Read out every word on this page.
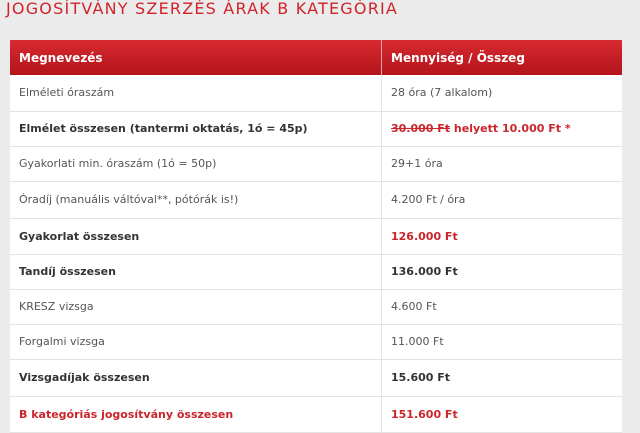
JOGOSÍTVÁNY SZERZÉS ÁRAK B KATEGÓRIA
Megnevezés	Mennyiség / Összeg
Elméleti óraszám	28 óra (7 alkalom)
Elmélet összesen (tantermi oktatás, 1ó = 45p)	30.000 Ft helyett 10.000 Ft *
Gyakorlati min. óraszám (1ó = 50p)	29+1 óra
Óradíj (manuális váltóval**, pótórák is!)	4.200 Ft / óra
Gyakorlat összesen	126.000 Ft
Tandíj összesen	136.000 Ft
KRESZ vizsga	4.600 Ft
Forgalmi vizsga	11.000 Ft
Vizsgadíjak összesen	15.600 Ft
B kategóriás jogosítvány összesen	151.600 Ft
